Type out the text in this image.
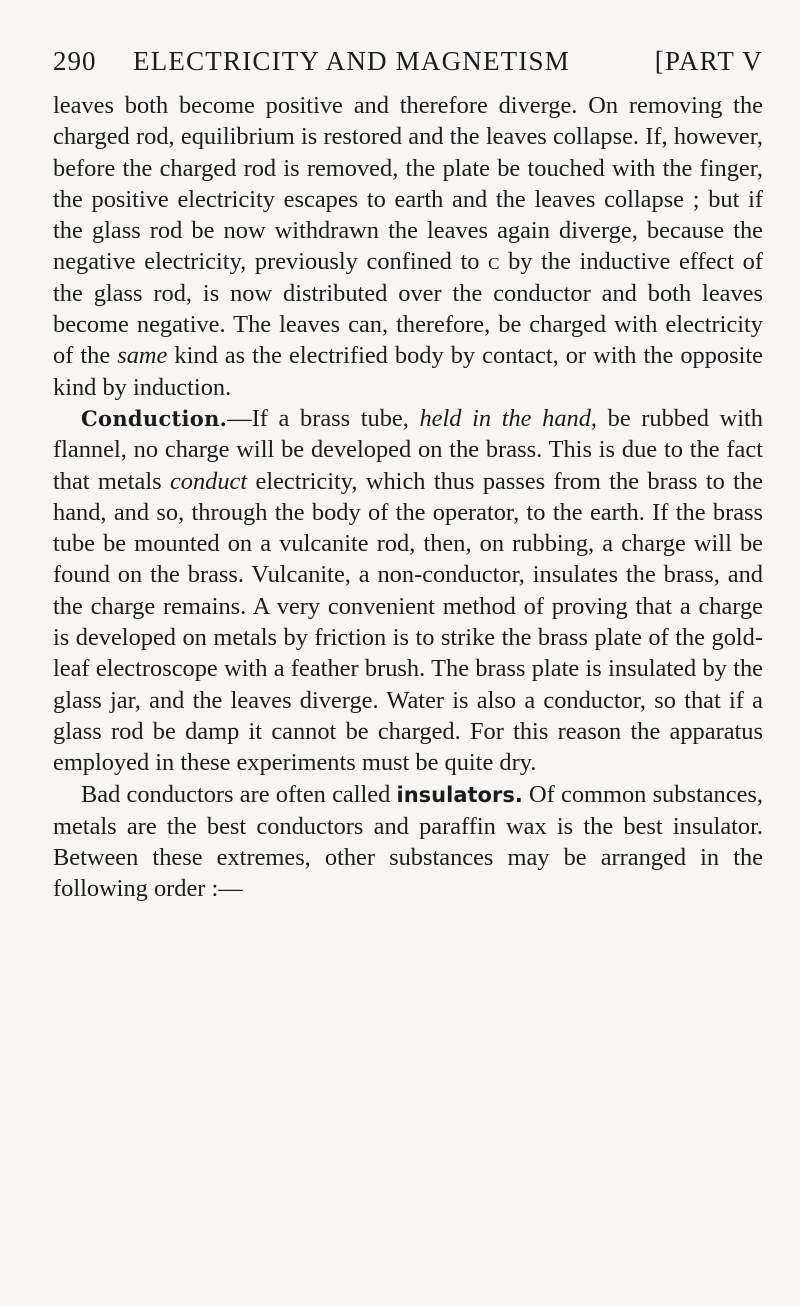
290	ELECTRICITY AND MAGNETISM	[PART V

leaves both become positive and therefore diverge. On removing the charged rod, equilibrium is restored and the leaves collapse. If, however, before the charged rod is removed, the plate be touched with the finger, the positive electricity escapes to earth and the leaves collapse ; but if the glass rod be now withdrawn the leaves again diverge, because the negative electricity, previously confined to c by the inductive effect of the glass rod, is now distributed over the conductor and both leaves become negative. The leaves can, therefore, be charged with electricity of the same kind as the electrified body by contact, or with the opposite kind by induction.

Conduction.—If a brass tube, held in the hand, be rubbed with flannel, no charge will be developed on the brass. This is due to the fact that metals conduct electricity, which thus passes from the brass to the hand, and so, through the body of the operator, to the earth. If the brass tube be mounted on a vulcanite rod, then, on rubbing, a charge will be found on the brass. Vulcanite, a non-conductor, insulates the brass, and the charge remains. A very convenient method of proving that a charge is developed on metals by friction is to strike the brass plate of the gold-leaf electroscope with a feather brush. The brass plate is insulated by the glass jar, and the leaves diverge. Water is also a conductor, so that if a glass rod be damp it cannot be charged. For this reason the apparatus employed in these experiments must be quite dry.

Bad conductors are often called insulators. Of common substances, metals are the best conductors and paraffin wax is the best insulator. Between these extremes, other substances may be arranged in the following order :—
